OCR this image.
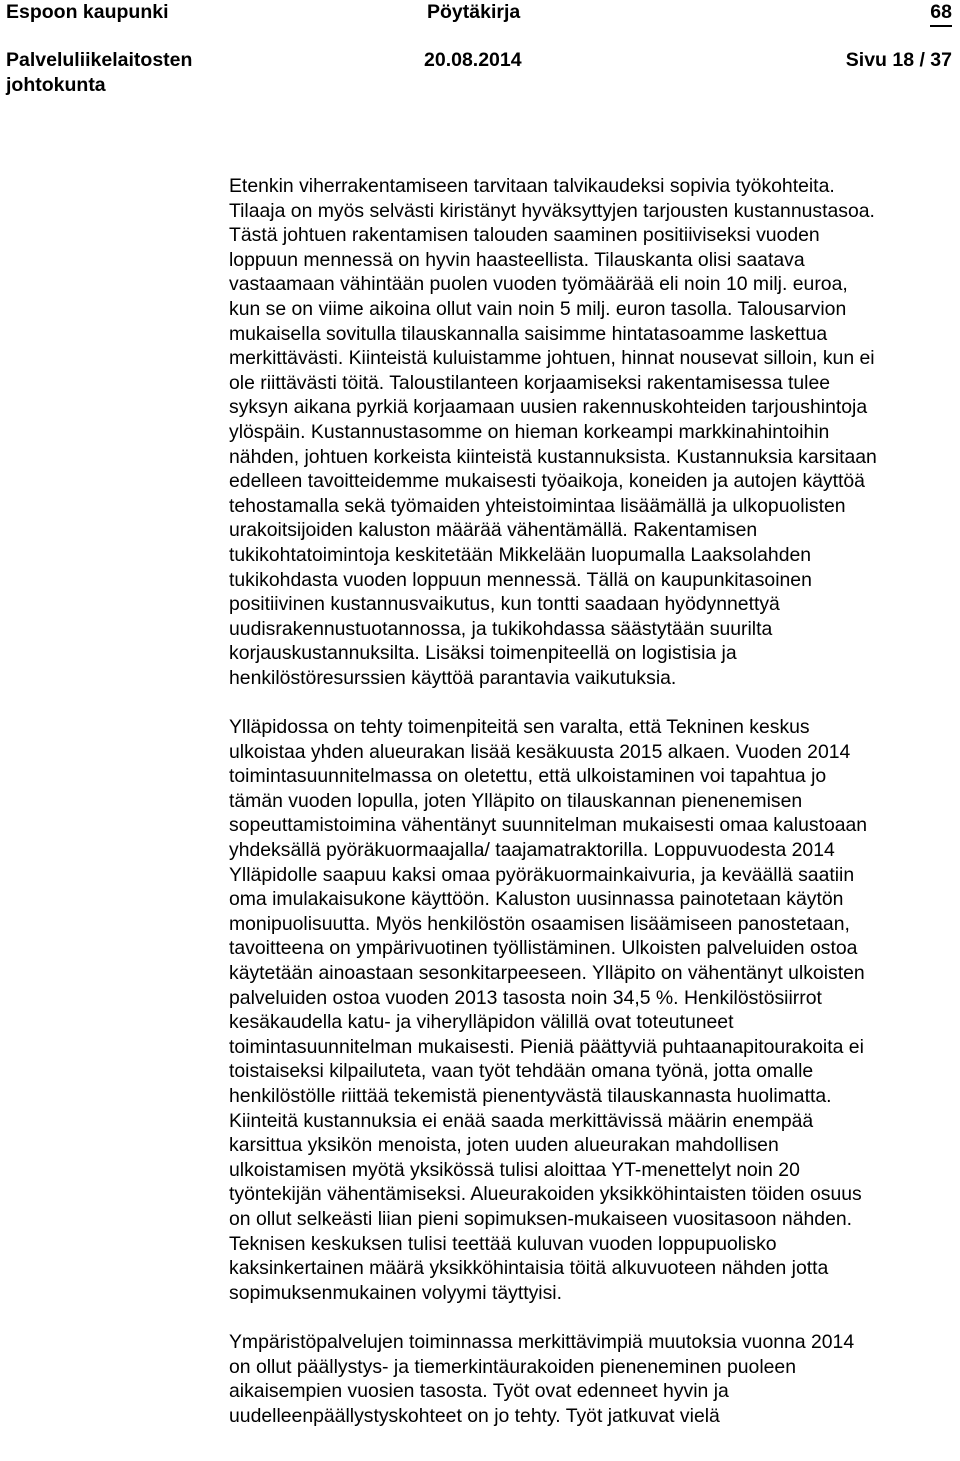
Espoon kaupunki	Pöytäkirja	68
Palveluliikelaitosten
johtokunta
20.08.2014	Sivu 18 / 37

Etenkin viherrakentamiseen tarvitaan talvikaudeksi sopivia työkohteita.
Tilaaja on myös selvästi kiristänyt hyväksyttyjen tarjousten kustannustasoa.
Tästä johtuen rakentamisen talouden saaminen positiiviseksi vuoden
loppuun mennessä on hyvin haasteellista. Tilauskanta olisi saatava
vastaamaan vähintään puolen vuoden työmäärää eli noin 10 milj. euroa,
kun se on viime aikoina ollut vain noin 5 milj. euron tasolla. Talousarvion
mukaisella sovitulla tilauskannalla saisimme hintatasoamme laskettua
merkittävästi. Kiinteistä kuluistamme johtuen, hinnat nousevat silloin, kun ei
ole riittävästi töitä. Taloustilanteen korjaamiseksi rakentamisessa tulee
syksyn aikana pyrkiä korjaamaan uusien rakennuskohteiden tarjoushintoja
ylöspäin. Kustannustasomme on hieman korkeampi markkinahintoihin
nähden, johtuen korkeista kiinteistä kustannuksista. Kustannuksia karsitaan
edelleen tavoitteidemme mukaisesti työaikoja, koneiden ja autojen käyttöä
tehostamalla sekä työmaiden yhteistoimintaa lisäämällä ja ulkopuolisten
urakoitsijoiden kaluston määrää vähentämällä. Rakentamisen
tukikohtatoimintoja keskitetään Mikkelään luopumalla Laaksolahden
tukikohdasta vuoden loppuun mennessä. Tällä on kaupunkitasoinen
positiivinen kustannusvaikutus, kun tontti saadaan hyödynnettyä
uudisrakennustuotannossa, ja tukikohdassa säästytään suurilta
korjauskustannuksilta. Lisäksi toimenpiteellä on logistisia ja
henkilöstöresurssien käyttöä parantavia vaikutuksia.

Ylläpidossa on tehty toimenpiteitä sen varalta, että Tekninen keskus
ulkoistaa yhden alueurakan lisää kesäkuusta 2015 alkaen. Vuoden 2014
toimintasuunnitelmassa on oletettu, että ulkoistaminen voi tapahtua jo
tämän vuoden lopulla, joten Ylläpito on tilauskannan pienenemisen
sopeuttamistoimina vähentänyt suunnitelman mukaisesti omaa kalustoaan
yhdeksällä pyöräkuormaajalla/ taajamatraktorilla. Loppuvuodesta 2014
Ylläpidolle saapuu kaksi omaa pyöräkuormainkaivuria, ja keväällä saatiin
oma imulakaisukone käyttöön. Kaluston uusinnassa painotetaan käytön
monipuolisuutta. Myös henkilöstön osaamisen lisäämiseen panostetaan,
tavoitteena on ympärivuotinen työllistäminen. Ulkoisten palveluiden ostoa
käytetään ainoastaan sesonkitarpeeseen. Ylläpito on vähentänyt ulkoisten
palveluiden ostoa vuoden 2013 tasosta noin 34,5 %. Henkilöstösiirrot
kesäkaudella katu- ja viherylläpidon välillä ovat toteutuneet
toimintasuunnitelman mukaisesti. Pieniä päättyviä puhtaanapitourakoita ei
toistaiseksi kilpailuteta, vaan työt tehdään omana työnä, jotta omalle
henkilöstölle riittää tekemistä pienentyvästä tilauskannasta huolimatta.
Kiinteitä kustannuksia ei enää saada merkittävissä määrin enempää
karsittua yksikön menoista, joten uuden alueurakan mahdollisen
ulkoistamisen myötä yksikössä tulisi aloittaa YT-menettelyt noin 20
työntekijän vähentämiseksi. Alueurakoiden yksikköhintaisten töiden osuus
on ollut selkeästi liian pieni sopimuksen-mukaiseen vuositasoon nähden.
Teknisen keskuksen tulisi teettää kuluvan vuoden loppupuolisko
kaksinkertainen määrä yksikköhintaisia töitä alkuvuoteen nähden jotta
sopimuksenmukainen volyymi täyttyisi.

Ympäristöpalvelujen toiminnassa merkittävimpiä muutoksia vuonna 2014
on ollut päällystys- ja tiemerkintäurakoiden pieneneminen puoleen
aikaisempien vuosien tasosta. Työt ovat edenneet hyvin ja
uudelleenpäällystyskohteet on jo tehty. Työt jatkuvat vielä
